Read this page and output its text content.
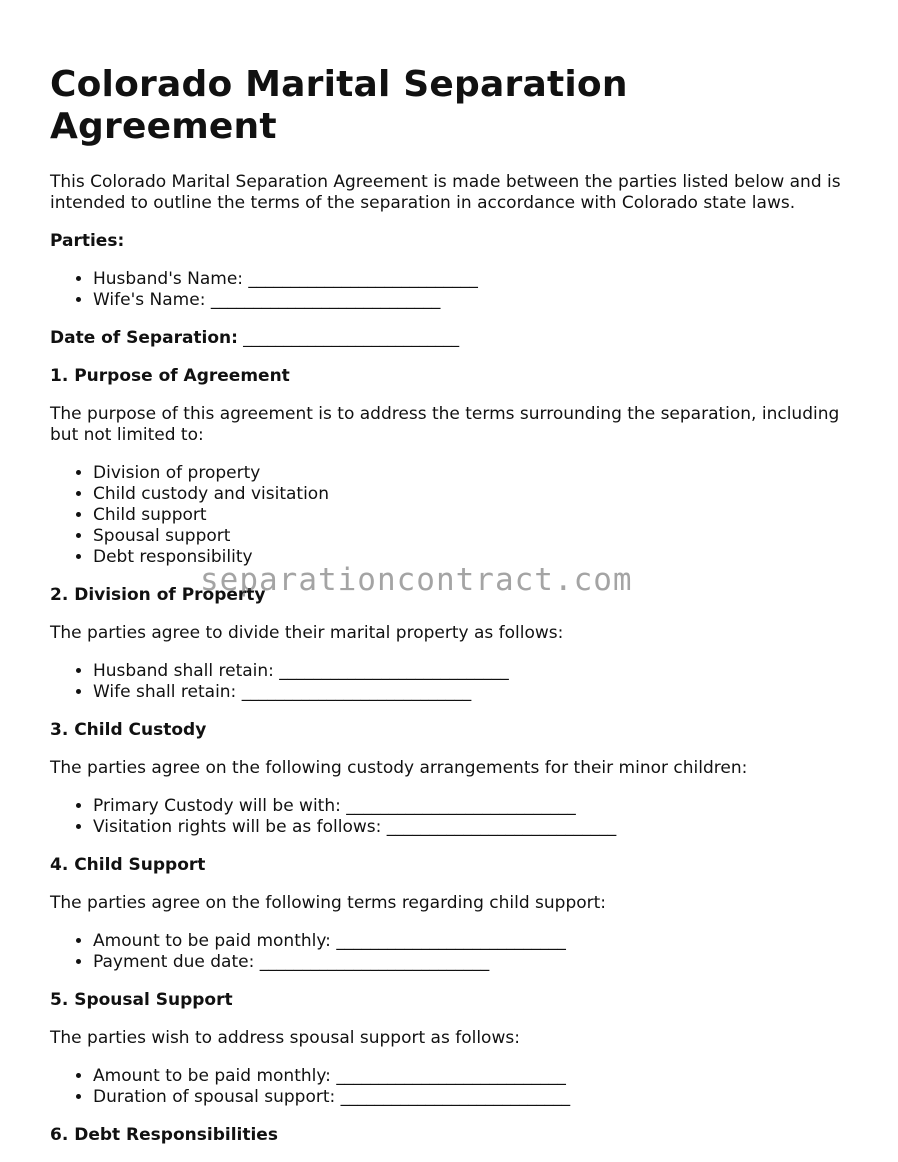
Colorado Marital Separation Agreement

This Colorado Marital Separation Agreement is made between the parties listed below and is intended to outline the terms of the separation in accordance with Colorado state laws.

Parties:
• Husband's Name: ___________________________
• Wife's Name: ___________________________
Date of Separation: ___________________________
1. Purpose of Agreement

The purpose of this agreement is to address the terms surrounding the separation, including but not limited to:

• Division of property
• Child custody and visitation
• Child support
• Spousal support
• Debt responsibility
2. Division of Property

The parties agree to divide their marital property as follows:

• Husband shall retain: ___________________________
• Wife shall retain: ___________________________
3. Child Custody

The parties agree on the following custody arrangements for their minor children:

• Primary Custody will be with: ___________________________
• Visitation rights will be as follows: ___________________________
4. Child Support

The parties agree on the following terms regarding child support:

• Amount to be paid monthly: ___________________________
• Payment due date: ___________________________
5. Spousal Support

The parties wish to address spousal support as follows:

• Amount to be paid monthly: ___________________________
• Duration of spousal support: ___________________________
6. Debt Responsibilities
separationcontract.com
